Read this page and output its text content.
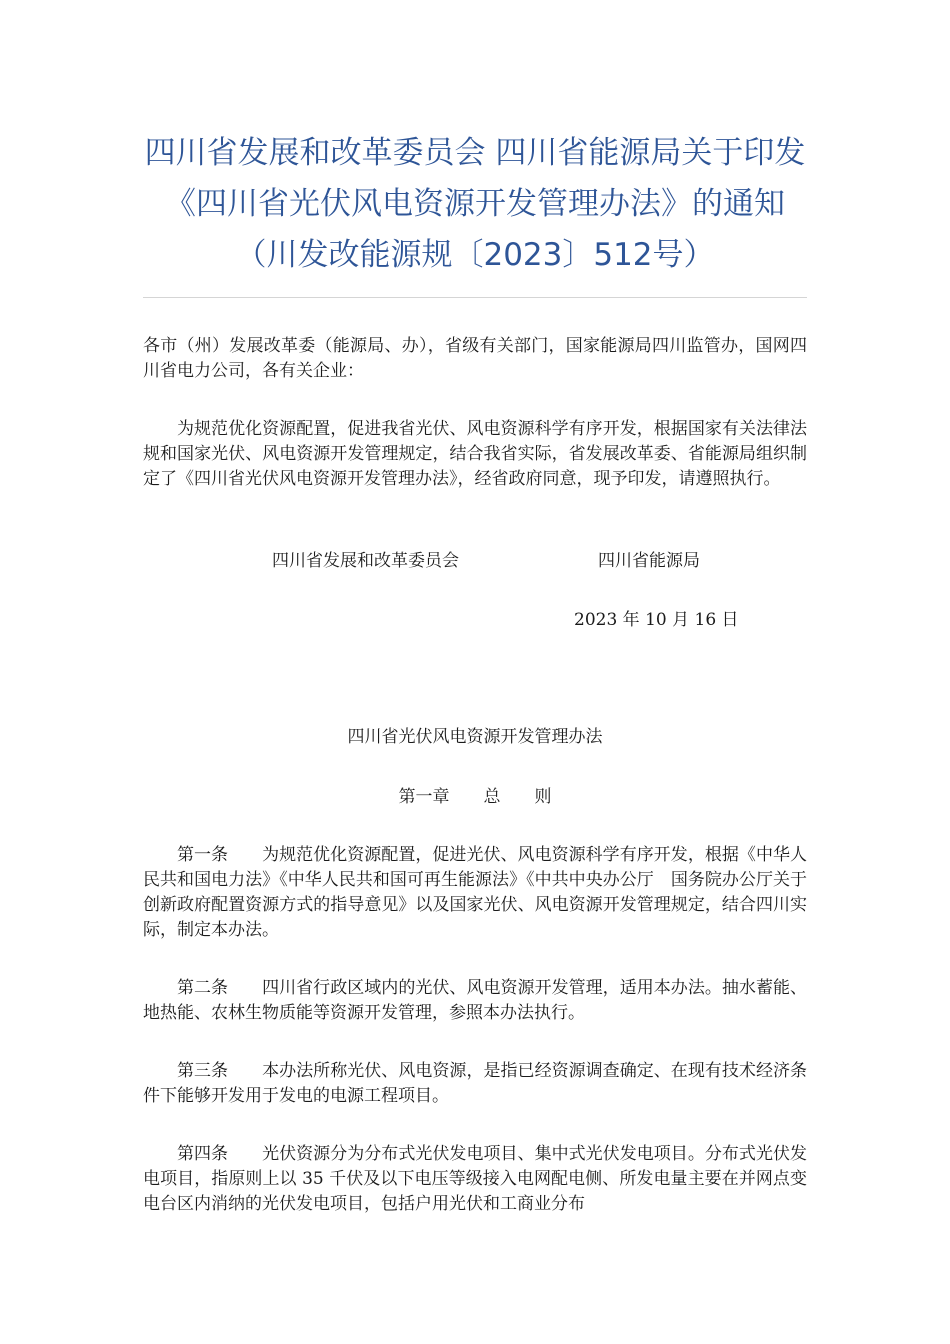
四川省发展和改革委员会 四川省能源局关于印发
《四川省光伏风电资源开发管理办法》的通知
（川发改能源规〔2023〕512号）

各市（州）发展改革委（能源局、办），省级有关部门，国家能源局四川监管办，国网四川省电力公司，各有关企业：

为规范优化资源配置，促进我省光伏、风电资源科学有序开发，根据国家有关法律法规和国家光伏、风电资源开发管理规定，结合我省实际，省发展改革委、省能源局组织制定了《四川省光伏风电资源开发管理办法》，经省政府同意，现予印发，请遵照执行。

四川省发展和改革委员会	四川省能源局
2023 年 10 月 16 日

四川省光伏风电资源开发管理办法

第一章 总 则

第一条 为规范优化资源配置，促进光伏、风电资源科学有序开发，根据《中华人民共和国电力法》《中华人民共和国可再生能源法》《中共中央办公厅　国务院办公厅关于创新政府配置资源方式的指导意见》以及国家光伏、风电资源开发管理规定，结合四川实际，制定本办法。

第二条 四川省行政区域内的光伏、风电资源开发管理，适用本办法。抽水蓄能、地热能、农林生物质能等资源开发管理，参照本办法执行。

第三条 本办法所称光伏、风电资源，是指已经资源调查确定、在现有技术经济条件下能够开发用于发电的电源工程项目。

第四条 光伏资源分为分布式光伏发电项目、集中式光伏发电项目。分布式光伏发电项目，指原则上以 35 千伏及以下电压等级接入电网配电侧、所发电量主要在并网点变电台区内消纳的光伏发电项目，包括户用光伏和工商业分布
